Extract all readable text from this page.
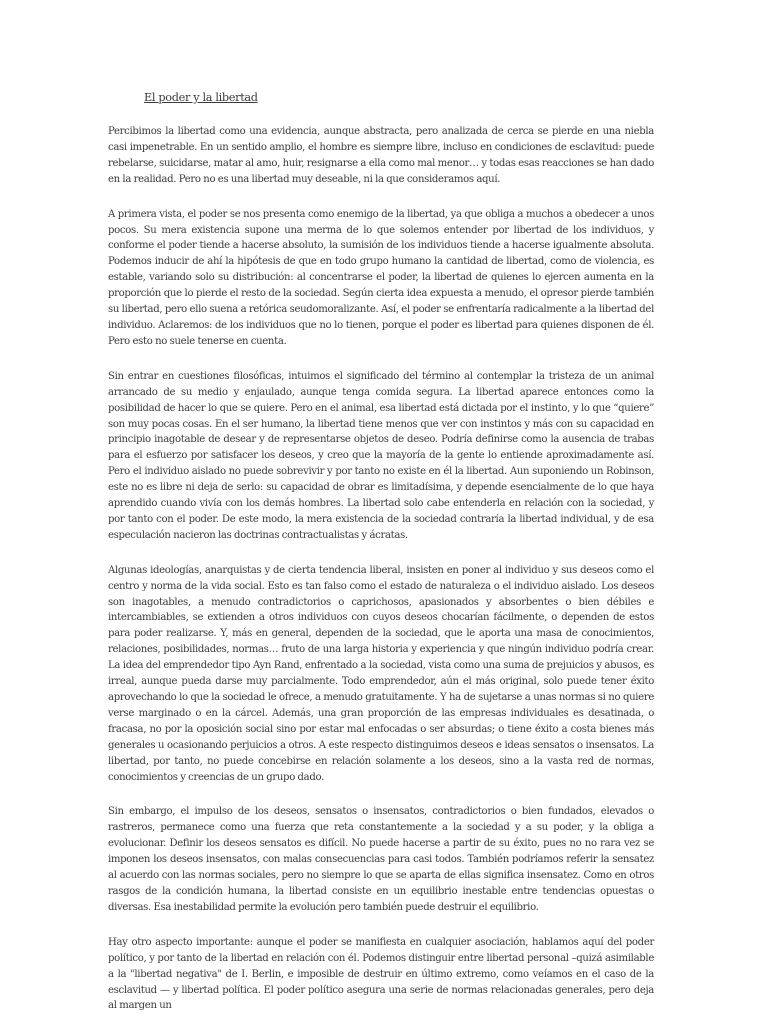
El poder y la libertad

Percibimos la libertad como una evidencia, aunque abstracta, pero analizada de cerca se pierde en una niebla casi impenetrable. En un sentido amplio, el hombre es siempre libre, incluso en condiciones de esclavitud: puede rebelarse, suicidarse, matar al amo, huir, resignarse a ella como mal menor… y todas esas reacciones se han dado en la realidad. Pero no es una libertad muy deseable, ni la que consideramos aquí.

A primera vista, el poder se nos presenta como enemigo de la libertad, ya que obliga a muchos a obedecer a unos pocos. Su mera existencia supone una merma de lo que solemos entender por libertad de los individuos, y conforme el poder tiende a hacerse absoluto, la sumisión de los individuos tiende a hacerse igualmente absoluta. Podemos inducir de ahí la hipótesis de que en todo grupo humano la cantidad de libertad, como de violencia, es estable, variando solo su distribución: al concentrarse el poder, la libertad de quienes lo ejercen aumenta en la proporción que lo pierde el resto de la sociedad. Según cierta idea expuesta a menudo, el opresor pierde también su libertad, pero ello suena a retórica seudomoralizante. Así, el poder se enfrentaría radicalmente a la libertad del individuo. Aclaremos: de los individuos que no lo tienen, porque el poder es libertad para quienes disponen de él. Pero esto no suele tenerse en cuenta.

Sin entrar en cuestiones filosóficas, intuimos el significado del término al contemplar la tristeza de un animal arrancado de su medio y enjaulado, aunque tenga comida segura. La libertad aparece entonces como la posibilidad de hacer lo que se quiere. Pero en el animal, esa libertad está dictada por el instinto, y lo que “quiere” son muy pocas cosas. En el ser humano, la libertad tiene menos que ver con instintos y más con su capacidad en principio inagotable de desear y de representarse objetos de deseo. Podría definirse como la ausencia de trabas para el esfuerzo por satisfacer los deseos, y creo que la mayoría de la gente lo entiende aproximadamente así. Pero el individuo aislado no puede sobrevivir y por tanto no existe en él la libertad. Aun suponiendo un Robinson, este no es libre ni deja de serlo: su capacidad de obrar es limitadísima, y depende esencialmente de lo que haya aprendido cuando vivía con los demás hombres. La libertad solo cabe entenderla en relación con la sociedad, y por tanto con el poder. De este modo, la mera existencia de la sociedad contraría la libertad individual, y de esa especulación nacieron las doctrinas contractualistas y ácratas.

Algunas ideologías, anarquistas y de cierta tendencia liberal, insisten en poner al individuo y sus deseos como el centro y norma de la vida social. Esto es tan falso como el estado de naturaleza o el individuo aislado. Los deseos son inagotables, a menudo contradictorios o caprichosos, apasionados y absorbentes o bien débiles e intercambiables, se extienden a otros individuos con cuyos deseos chocarían fácilmente, o dependen de estos para poder realizarse. Y, más en general, dependen de la sociedad, que le aporta una masa de conocimientos, relaciones, posibilidades, normas… fruto de una larga historia y experiencia y que ningún individuo podría crear. La idea del emprendedor tipo Ayn Rand, enfrentado a la sociedad, vista como una suma de prejuicios y abusos, es irreal, aunque pueda darse muy parcialmente. Todo emprendedor, aún el más original, solo puede tener éxito aprovechando lo que la sociedad le ofrece, a menudo gratuitamente. Y ha de sujetarse a unas normas si no quiere verse marginado o en la cárcel. Además, una gran proporción de las empresas individuales es desatinada, o fracasa, no por la oposición social sino por estar mal enfocadas o ser absurdas; o tiene éxito a costa bienes más generales u ocasionando perjuicios a otros. A este respecto distinguimos deseos e ideas sensatos o insensatos. La libertad, por tanto, no puede concebirse en relación solamente a los deseos, sino a la vasta red de normas, conocimientos y creencias de un grupo dado.

Sin embargo, el impulso de los deseos, sensatos o insensatos, contradictorios o bien fundados, elevados o rastreros, permanece como una fuerza que reta constantemente a la sociedad y a su poder, y la obliga a evolucionar. Definir los deseos sensatos es difícil. No puede hacerse a partir de su éxito, pues no no rara vez se imponen los deseos insensatos, con malas consecuencias para casi todos. También podríamos referir la sensatez al acuerdo con las normas sociales, pero no siempre lo que se aparta de ellas significa insensatez. Como en otros rasgos de la condición humana, la libertad consiste en un equilibrio inestable entre tendencias opuestas o diversas. Esa inestabilidad permite la evolución pero también puede destruir el equilibrio.

Hay otro aspecto importante: aunque el poder se manifiesta en cualquier asociación, hablamos aquí del poder político, y por tanto de la libertad en relación con él. Podemos distinguir entre libertad personal –quizá asimilable a la "libertad negativa" de I. Berlin, e imposible de destruir en último extremo, como veíamos en el caso de la esclavitud — y libertad política. El poder político asegura una serie de normas relacionadas generales, pero deja al margen un
